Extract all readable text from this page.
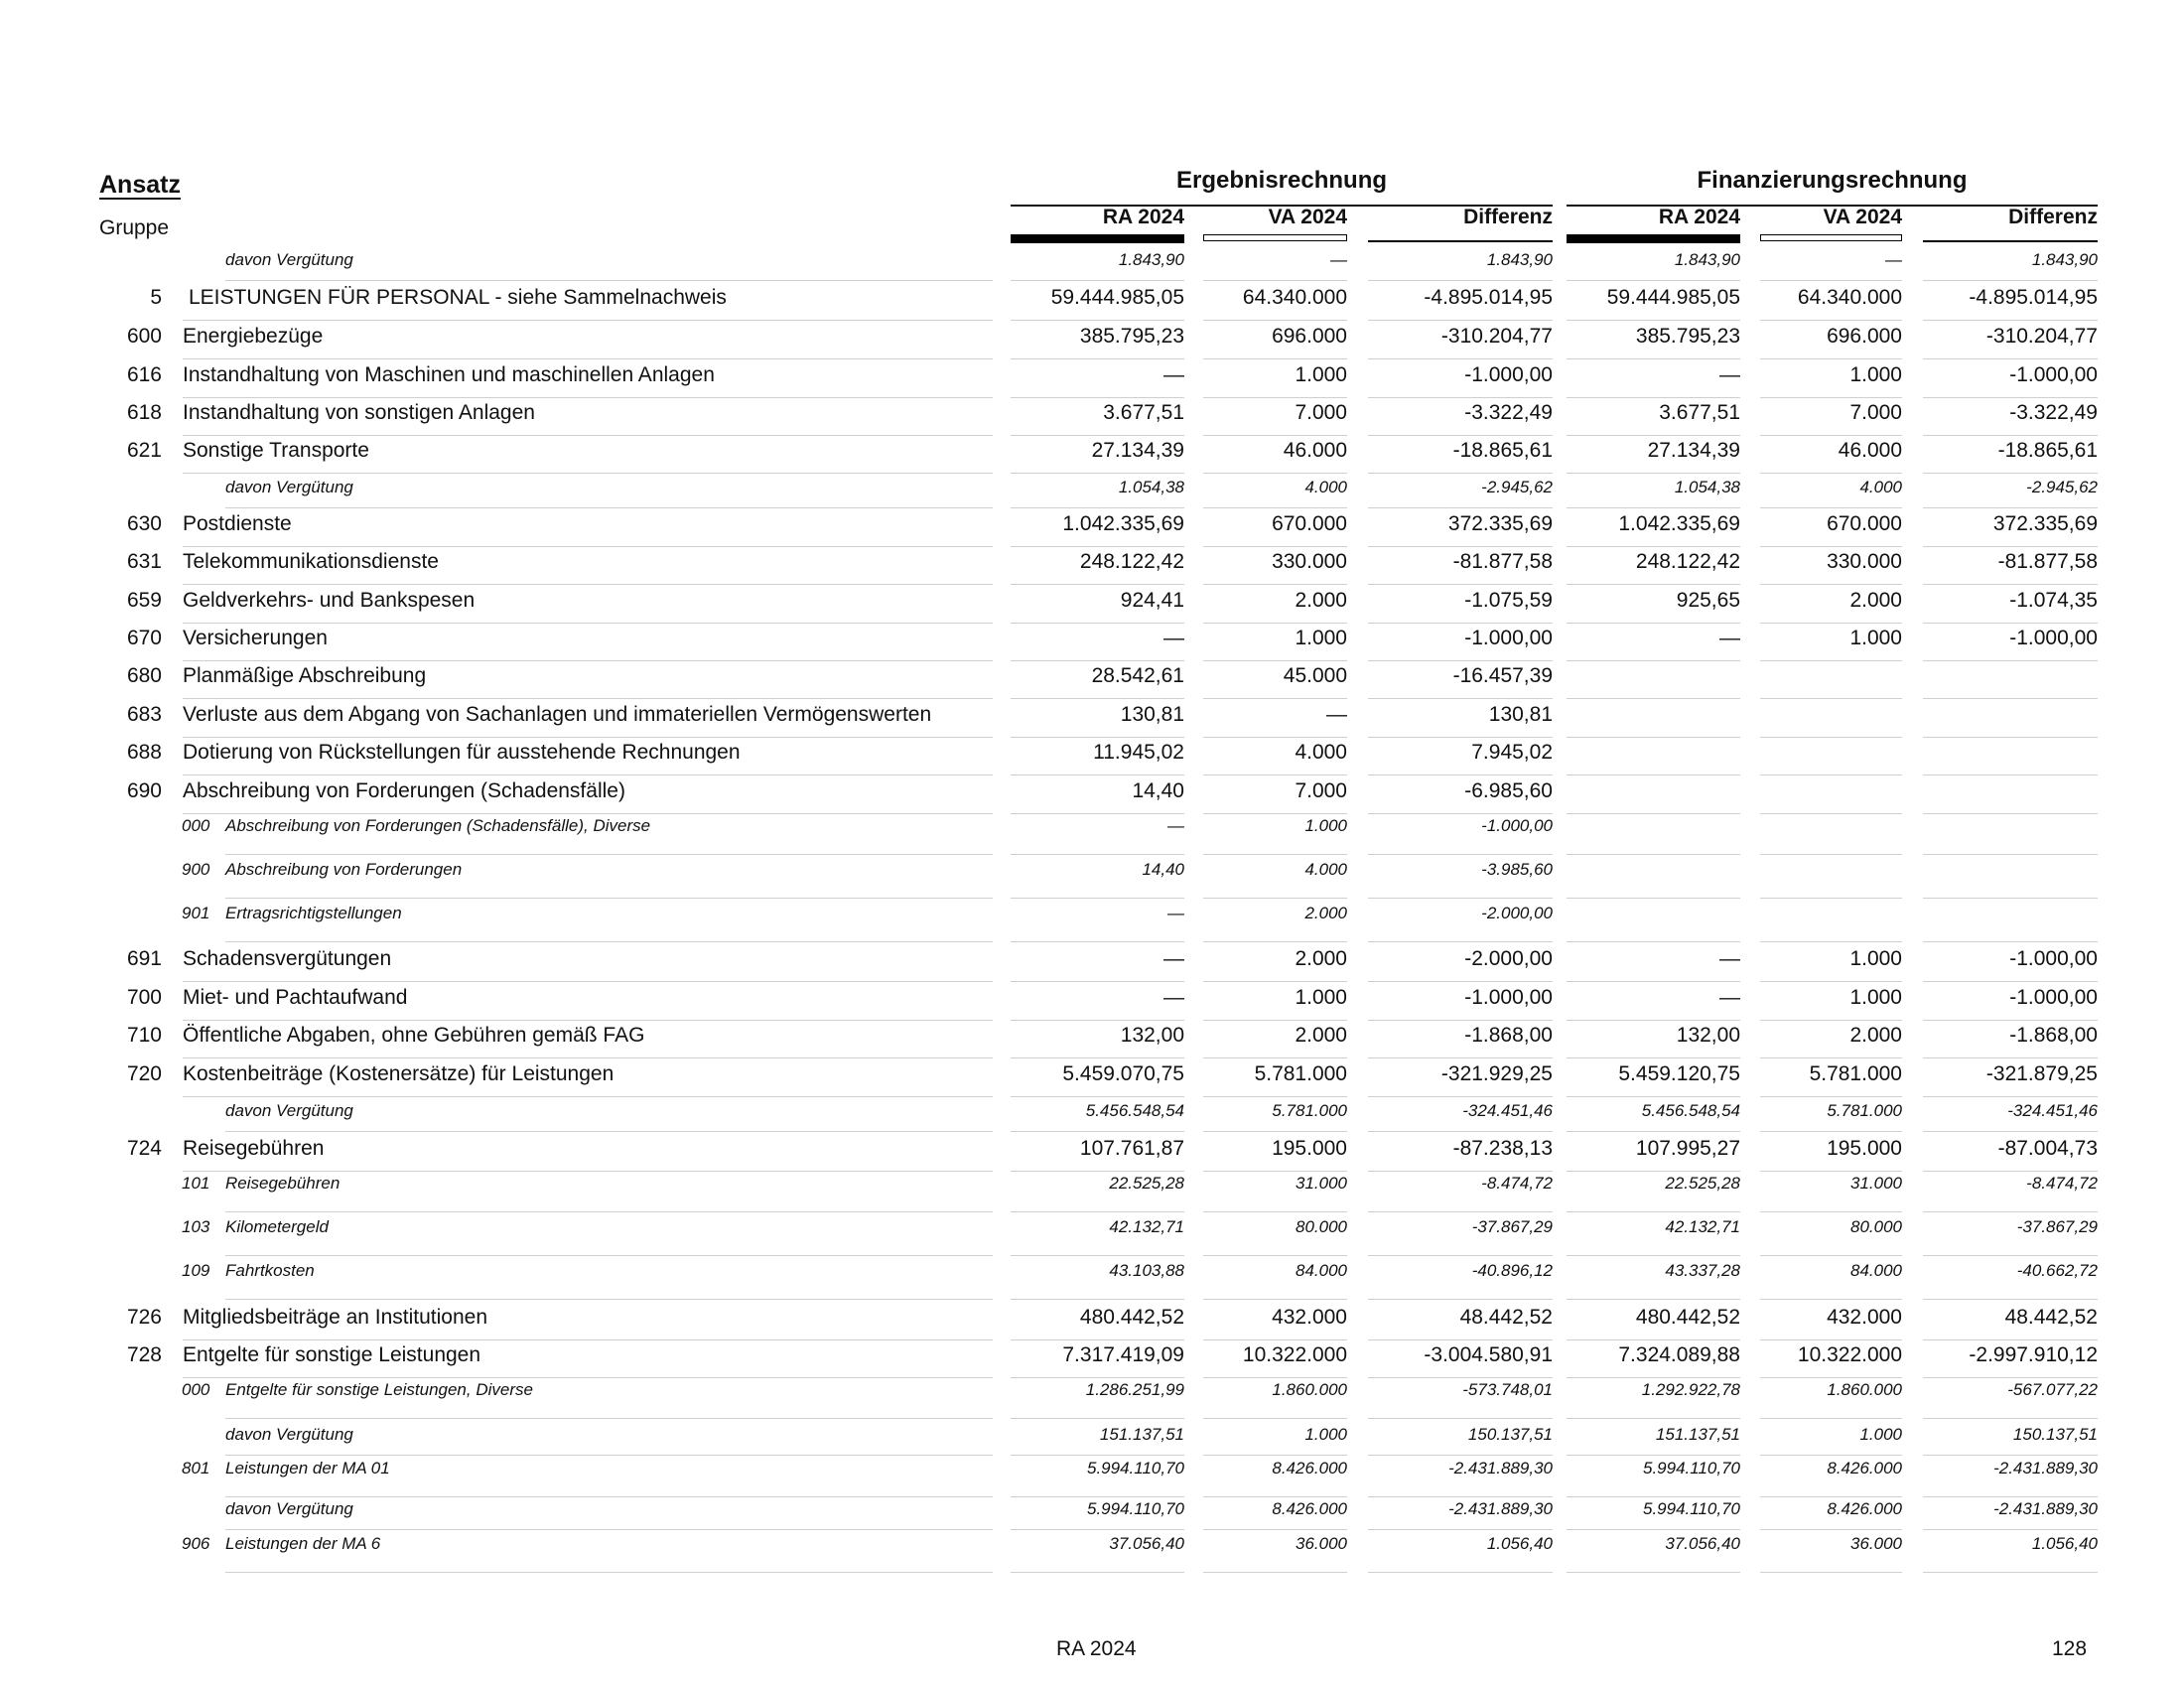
Ansatz
Gruppe
Ergebnisrechnung	Finanzierungsrechnung
RA 2024	VA 2024	Differenz	RA 2024	VA 2024	Differenz
davon Vergütung	1.843,90	—	1.843,90	1.843,90	—	1.843,90
5 LEISTUNGEN FÜR PERSONAL - siehe Sammelnachweis	59.444.985,05	64.340.000	-4.895.014,95	59.444.985,05	64.340.000	-4.895.014,95
600 Energiebezüge	385.795,23	696.000	-310.204,77	385.795,23	696.000	-310.204,77
616 Instandhaltung von Maschinen und maschinellen Anlagen	—	1.000	-1.000,00	—	1.000	-1.000,00
618 Instandhaltung von sonstigen Anlagen	3.677,51	7.000	-3.322,49	3.677,51	7.000	-3.322,49
621 Sonstige Transporte	27.134,39	46.000	-18.865,61	27.134,39	46.000	-18.865,61
davon Vergütung	1.054,38	4.000	-2.945,62	1.054,38	4.000	-2.945,62
630 Postdienste	1.042.335,69	670.000	372.335,69	1.042.335,69	670.000	372.335,69
631 Telekommunikationsdienste	248.122,42	330.000	-81.877,58	248.122,42	330.000	-81.877,58
659 Geldverkehrs- und Bankspesen	924,41	2.000	-1.075,59	925,65	2.000	-1.074,35
670 Versicherungen	—	1.000	-1.000,00	—	1.000	-1.000,00
680 Planmäßige Abschreibung	28.542,61	45.000	-16.457,39
683 Verluste aus dem Abgang von Sachanlagen und immateriellen Vermögenswerten	130,81	—	130,81
688 Dotierung von Rückstellungen für ausstehende Rechnungen	11.945,02	4.000	7.945,02
690 Abschreibung von Forderungen (Schadensfälle)	14,40	7.000	-6.985,60
000 Abschreibung von Forderungen (Schadensfälle), Diverse	—	1.000	-1.000,00
900 Abschreibung von Forderungen	14,40	4.000	-3.985,60
901 Ertragsrichtigstellungen	—	2.000	-2.000,00
691 Schadensvergütungen	—	2.000	-2.000,00	—	1.000	-1.000,00
700 Miet- und Pachtaufwand	—	1.000	-1.000,00	—	1.000	-1.000,00
710 Öffentliche Abgaben, ohne Gebühren gemäß FAG	132,00	2.000	-1.868,00	132,00	2.000	-1.868,00
720 Kostenbeiträge (Kostenersätze) für Leistungen	5.459.070,75	5.781.000	-321.929,25	5.459.120,75	5.781.000	-321.879,25
davon Vergütung	5.456.548,54	5.781.000	-324.451,46	5.456.548,54	5.781.000	-324.451,46
724 Reisegebühren	107.761,87	195.000	-87.238,13	107.995,27	195.000	-87.004,73
101 Reisegebühren	22.525,28	31.000	-8.474,72	22.525,28	31.000	-8.474,72
103 Kilometergeld	42.132,71	80.000	-37.867,29	42.132,71	80.000	-37.867,29
109 Fahrtkosten	43.103,88	84.000	-40.896,12	43.337,28	84.000	-40.662,72
726 Mitgliedsbeiträge an Institutionen	480.442,52	432.000	48.442,52	480.442,52	432.000	48.442,52
728 Entgelte für sonstige Leistungen	7.317.419,09	10.322.000	-3.004.580,91	7.324.089,88	10.322.000	-2.997.910,12
000 Entgelte für sonstige Leistungen, Diverse	1.286.251,99	1.860.000	-573.748,01	1.292.922,78	1.860.000	-567.077,22
davon Vergütung	151.137,51	1.000	150.137,51	151.137,51	1.000	150.137,51
801 Leistungen der MA 01	5.994.110,70	8.426.000	-2.431.889,30	5.994.110,70	8.426.000	-2.431.889,30
davon Vergütung	5.994.110,70	8.426.000	-2.431.889,30	5.994.110,70	8.426.000	-2.431.889,30
906 Leistungen der MA 6	37.056,40	36.000	1.056,40	37.056,40	36.000	1.056,40
RA 2024	128
